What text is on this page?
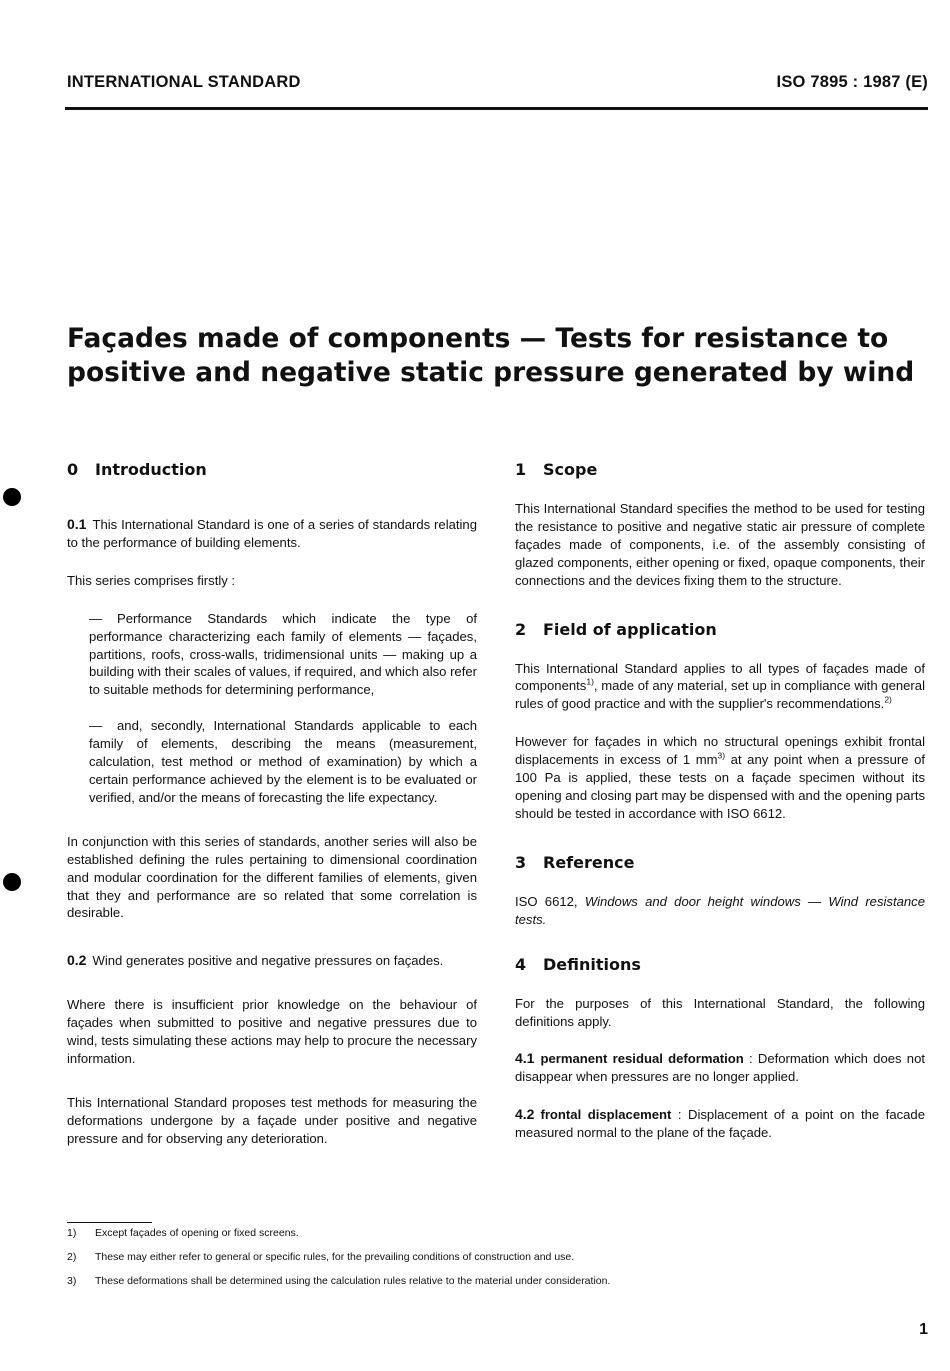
INTERNATIONAL STANDARD	ISO 7895 : 1987 (E)
Façades made of components — Tests for resistance to
positive and negative static pressure generated by wind
0 Introduction

0.1 This International Standard is one of a series of standards relating to the performance of building elements.

This series comprises firstly :

— Performance Standards which indicate the type of performance characterizing each family of elements — façades, partitions, roofs, cross-walls, tridimensional units — making up a building with their scales of values, if required, and which also refer to suitable methods for determining performance,
— and, secondly, International Standards applicable to each family of elements, describing the means (measurement, calculation, test method or method of examination) by which a certain performance achieved by the element is to be evaluated or verified, and/or the means of forecasting the life expectancy.

In conjunction with this series of standards, another series will also be established defining the rules pertaining to dimensional coordination and modular coordination for the different families of elements, given that they and performance are so related that some correlation is desirable.

0.2 Wind generates positive and negative pressures on façades.

Where there is insufficient prior knowledge on the behaviour of façades when submitted to positive and negative pressures due to wind, tests simulating these actions may help to procure the necessary information.

This International Standard proposes test methods for measuring the deformations undergone by a façade under positive and negative pressure and for observing any deterioration.

1 Scope

This International Standard specifies the method to be used for testing the resistance to positive and negative static air pressure of complete façades made of components, i.e. of the assembly consisting of glazed components, either opening or fixed, opaque components, their connections and the devices fixing them to the structure.

2 Field of application

This International Standard applies to all types of façades made of components$^{1)}$, made of any material, set up in compliance with general rules of good practice and with the supplier's recommendations.$^{2)}$

However for façades in which no structural openings exhibit frontal displacements in excess of 1 $mm^{3)}$ at any point when a pressure of 100 Pa is applied, these tests on a façade specimen without its opening and closing part may be dispensed with and the opening parts should be tested in accordance with ISO 6612.

3 Reference

ISO 6612, Windows and door height windows — Wind resistance tests.

4 Definitions

For the purposes of this International Standard, the following definitions apply.

4.1 permanent residual deformation : Deformation which does not disappear when pressures are no longer applied.

4.2 frontal displacement : Displacement of a point on the facade measured normal to the plane of the façade.

1) Except façades of opening or fixed screens.
2) These may either refer to general or specific rules, for the prevailing conditions of construction and use.
3) These deformations shall be determined using the calculation rules relative to the material under consideration.
1
